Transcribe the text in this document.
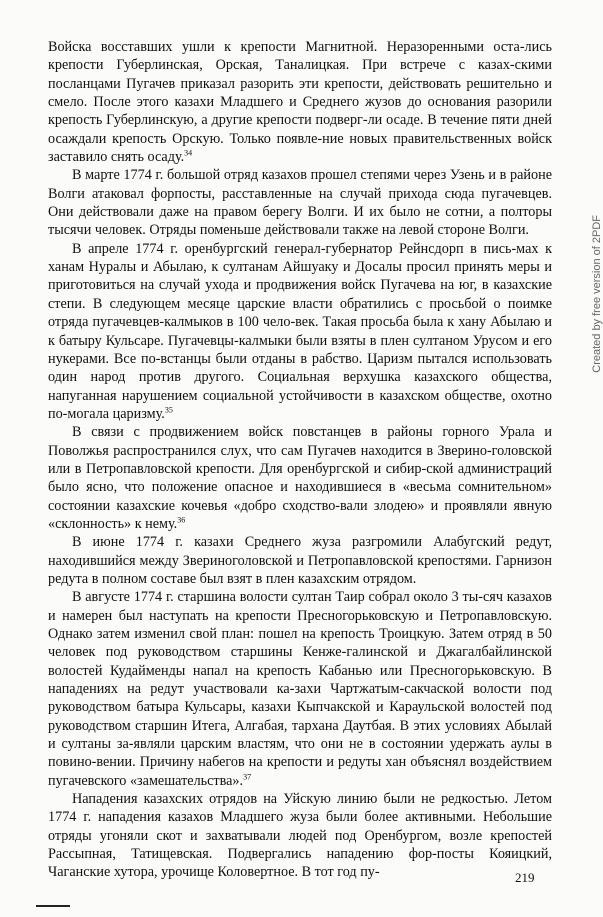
Войска восставших ушли к крепости Магнитной. Неразоренными оста-лись крепости Губерлинская, Орская, Таналицкая. При встрече с казах-скими посланцами Пугачев приказал разорить эти крепости, действовать решительно и смело. После этого казахи Младшего и Среднего жузов до основания разорили крепость Губерлинскую, а другие крепости подверг-ли осаде. В течение пяти дней осаждали крепость Орскую. Только появле-ние новых правительственных войск заставило снять осаду.$^{34}$

В марте 1774 г. большой отряд казахов прошел степями через Узень и в районе Волги атаковал форпосты, расставленные на случай прихода сюда пугачевцев. Они действовали даже на правом берегу Волги. И их было не сотни, а полторы тысячи человек. Отряды поменьше действовали также на левой стороне Волги.

В апреле 1774 г. оренбургский генерал-губернатор Рейнсдорп в пись-мах к ханам Нуралы и Абылаю, к султанам Айшуаку и Досалы просил принять меры и приготовиться на случай ухода и продвижения войск Пугачева на юг, в казахские степи. В следующем месяце царские власти обратились с просьбой о поимке отряда пугачевцев-калмыков в 100 чело-век. Такая просьба была к хану Абылаю и к батыру Кульсаре. Пугачевцы-калмыки были взяты в плен султаном Урусом и его нукерами. Все по-встанцы были отданы в рабство. Царизм пытался использовать один народ против другого. Социальная верхушка казахского общества, напуганная нарушением социальной устойчивости в казахском обществе, охотно по-могала царизму.$^{35}$

В связи с продвижением войск повстанцев в районы горного Урала и Поволжья распространился слух, что сам Пугачев находится в Зверино-головской или в Петропавловской крепости. Для оренбургской и сибир-ской администраций было ясно, что положение опасное и находившиеся в «весьма сомнительном» состоянии казахские кочевья «добро сходство-вали злодею» и проявляли явную «склонность» к нему.$^{36}$

В июне 1774 г. казахи Среднего жуза разгромили Алабугский редут, находившийся между Звериноголовской и Петропавловской крепостями. Гарнизон редута в полном составе был взят в плен казахским отрядом.

В августе 1774 г. старшина волости султан Таир собрал около 3 ты-сяч казахов и намерен был наступать на крепости Пресногорьковскую и Петропавловскую. Однако затем изменил свой план: пошел на крепость Троицкую. Затем отряд в 50 человек под руководством старшины Кенже-галинской и Джагалбайлинской волостей Кудайменды напал на крепость Кабанью или Пресногорьковскую. В нападениях на редут участвовали ка-захи Чартжатым-сакчаской волости под руководством батыра Кульсары, казахи Кыпчакской и Караульской волостей под руководством старшин Итега, Алгабая, тархана Даутбая. В этих условиях Абылай и султаны за-являли царским властям, что они не в состоянии удержать аулы в повино-вении. Причину набегов на крепости и редуты хан объяснял воздействием пугачевского «замешательства».$^{37}$

Нападения казахских отрядов на Уйскую линию были не редкостью. Летом 1774 г. нападения казахов Младшего жуза были более активными. Небольшие отряды угоняли скот и захватывали людей под Оренбургом, возле крепостей Рассыпная, Татищевская. Подвергались нападению фор-посты Кояицкий, Чаганские хутора, урочище Коловертное. В тот год пу-

Created by free version of 2PDF
219
